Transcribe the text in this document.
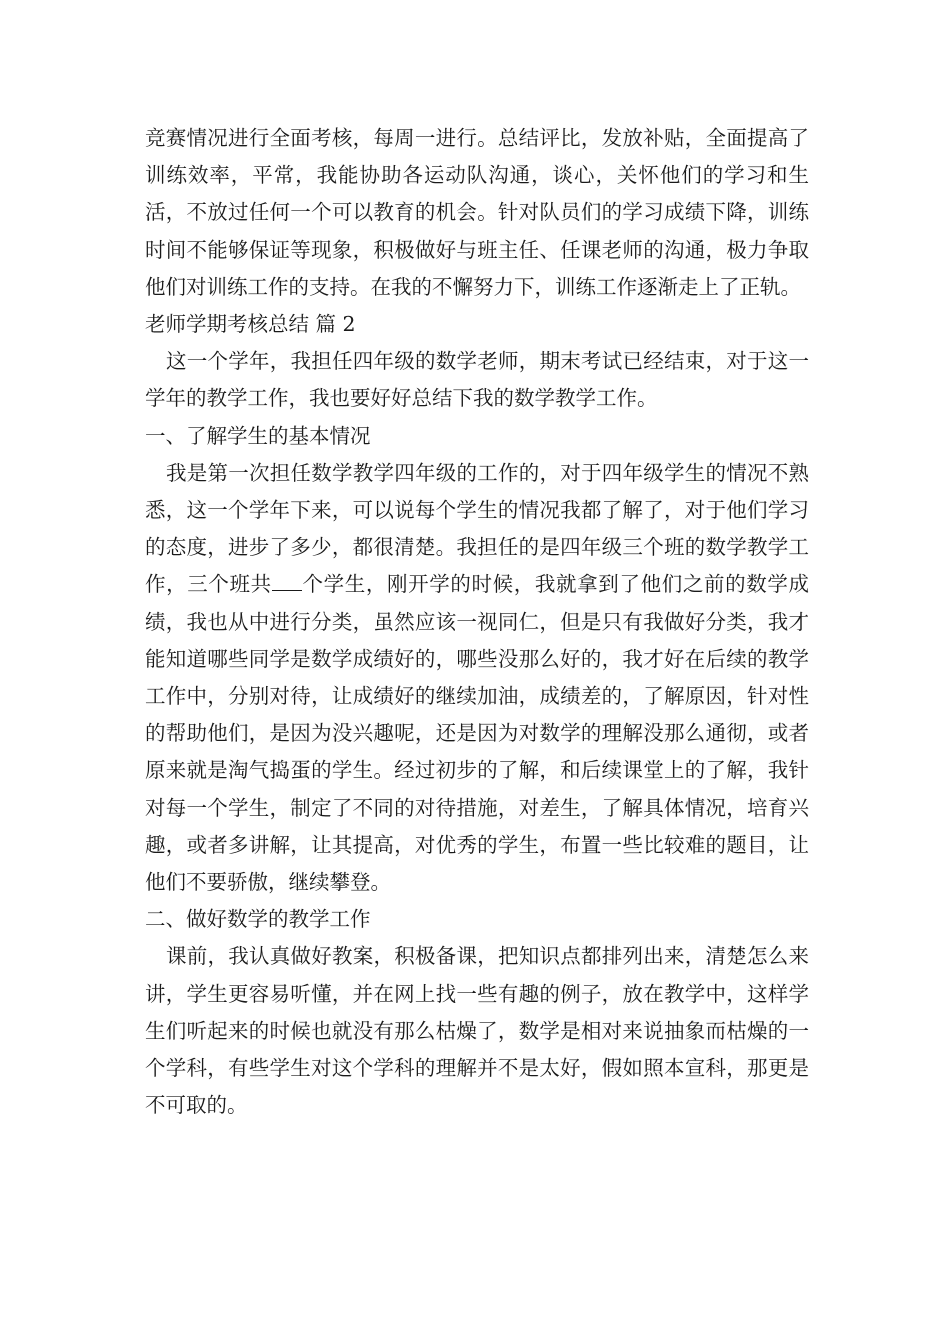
竞赛情况进行全面考核，每周一进行。总结评比，发放补贴，全面提高了训练效率，平常，我能协助各运动队沟通，谈心，关怀他们的学习和生活，不放过任何一个可以教育的机会。针对队员们的学习成绩下降，训练时间不能够保证等现象，积极做好与班主任、任课老师的沟通，极力争取他们对训练工作的支持。在我的不懈努力下，训练工作逐渐走上了正轨。

老师学期考核总结 篇 2

这一个学年，我担任四年级的数学老师，期末考试已经结束，对于这一学年的教学工作，我也要好好总结下我的数学教学工作。

一、了解学生的基本情况

我是第一次担任数学教学四年级的工作的，对于四年级学生的情况不熟悉，这一个学年下来，可以说每个学生的情况我都了解了，对于他们学习的态度，进步了多少，都很清楚。我担任的是四年级三个班的数学教学工作，三个班共 个学生，刚开学的时候，我就拿到了他们之前的数学成绩，我也从中进行分类，虽然应该一视同仁，但是只有我做好分类，我才能知道哪些同学是数学成绩好的，哪些没那么好的，我才好在后续的教学工作中，分别对待，让成绩好的继续加油，成绩差的，了解原因，针对性的帮助他们，是因为没兴趣呢，还是因为对数学的理解没那么通彻，或者原来就是淘气捣蛋的学生。经过初步的了解，和后续课堂上的了解，我针对每一个学生，制定了不同的对待措施，对差生，了解具体情况，培育兴趣，或者多讲解，让其提高，对优秀的学生，布置一些比较难的题目，让他们不要骄傲，继续攀登。

二、做好数学的教学工作

课前，我认真做好教案，积极备课，把知识点都排列出来，清楚怎么来讲，学生更容易听懂，并在网上找一些有趣的例子，放在教学中，这样学生们听起来的时候也就没有那么枯燥了，数学是相对来说抽象而枯燥的一个学科，有些学生对这个学科的理解并不是太好，假如照本宣科，那更是不可取的。
